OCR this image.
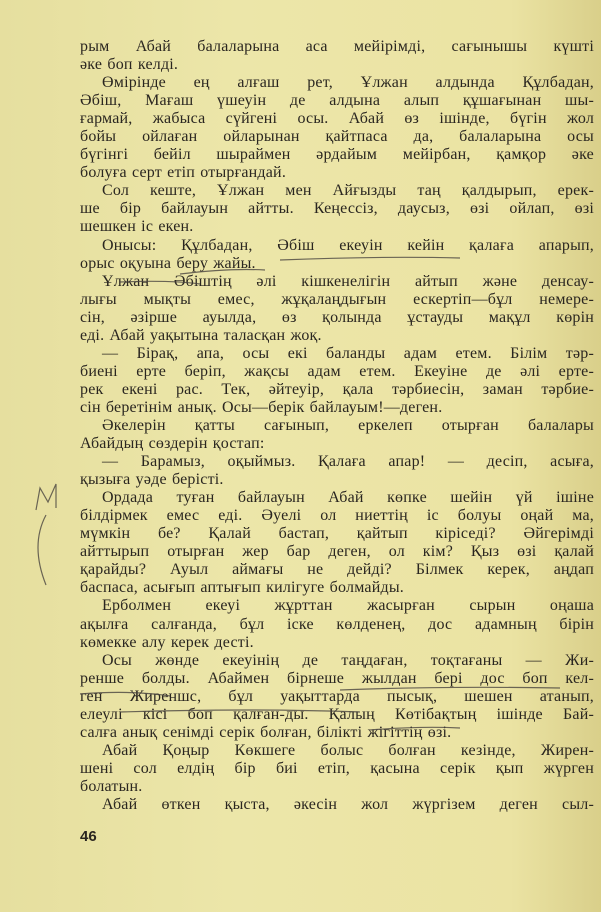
рым Абай балаларына аса мейірімді, сағынышы күшті
әке боп келді.
Өмірінде ең алғаш рет, Ұлжан алдында Құлбадан,
Әбіш, Мағаш үшеуін де алдына алып құшағынан шы-
ғармай, жабыса сүйгені осы. Абай өз ішінде, бүгін жол
бойы ойлаған ойларынан қайтпаса да, балаларына осы
бүгінгі бейіл шыраймен әрдайым мейірбан, қамқор әке
болуға серт етіп отырғандай.
Сол кеште, Ұлжан мен Айғызды таң қалдырып, ерек-
ше бір байлауын айтты. Кеңессіз, даусыз, өзі ойлап, өзі
шешкен іс екен.
Онысы: Құлбадан, Әбіш екеуін кейін қалаға апарып,
орыс оқуына беру жайы.
Ұлжан Әбіштің әлі кішкенелігін айтып және денсау-
лығы мықты емес, жұқалаңдығын ескертіп—бұл немере-
сін, әзірше ауылда, өз қолында ұстауды мақұл көрін
еді. Абай уақытына таласқан жоқ.
— Бірақ, апа, осы екі баланды адам етем. Білім тәр-
биені ерте беріп, жақсы адам етем. Екеуіне де әлі ерте-
рек екені рас. Тек, әйтеуір, қала тәрбиесін, заман тәрбие-
сін беретінім анық. Осы—берік байлауым!—деген.
Әкелерін қатты сағынып, еркелеп отырған балалары
Абайдың сөздерін қостап:
— Барамыз, оқыймыз. Қалаға апар! — десіп, асыға,
қызыға уәде берісті.
Ордада туған байлауын Абай көпке шейін үй ішіне
білдірмек емес еді. Әуелі ол ниеттің іс болуы оңай ма,
мүмкін бе? Қалай бастап, қайтып кіріседі? Әйгерімді
айттырып отырған жер бар деген, ол кім? Қыз өзі қалай
қарайды? Ауыл аймағы не дейді? Білмек керек, аңдап
баспаса, асығып аптығып килігуге болмайды.
Ерболмен екеуі жұрттан жасырған сырын оңаша
ақылға салғанда, бұл іске көлденең, дос адамның бірін
көмекке алу керек десті.
Осы жөнде екеуінің де таңдаған, тоқтағаны — Жи-
реншe болды. Абаймен бірнеше жылдан бері дос боп кел-
ген Жиреншс, бұл уақыттарда пысық, шешен атанып,
елеулі кісі боп қалған-ды. Қалың Көтібақтың ішінде Бай-
салға анық сенімді серік болған, білікті жігіттің өзі.
Абай Қоңыр Көкшеге болыс болған кезінде, Жирен-
шені сол елдің бір биі етіп, қасына серік қып жүрген
болатын.
Абай өткен қыста, әкесін жол жүргізем деген сыл-
46
